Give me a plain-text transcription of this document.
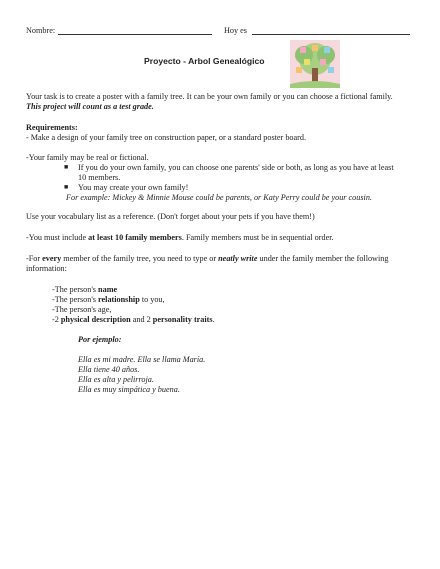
Nombre:	Hoy es
Proyecto - Arbol Genealógico
Your task is to create a poster with a family tree. It can be your own family or you can choose a fictional family.
This project will count as a test grade.
Requirements:
- Make a design of your family tree on construction paper, or a standard poster board.
-Your family may be real or fictional.
■ If you do your own family, you can choose one parents' side or both, as long as you have at least
10 members.
■ You may create your own family!
For example: Mickey & Minnie Mouse could be parents, or Katy Perry could be your cousin.
Use your vocabulary list as a reference. (Don't forget about your pets if you have them!)
-You must include at least 10 family members. Family members must be in sequential order.
-For every member of the family tree, you need to type or neatly write under the family member the following
information:
-The person's name
-The person's relationship to you,
-The person's age,
-2 physical description and 2 personality traits.
Por ejemplo:
Ella es mi madre. Ella se llama María.
Ella tiene 40 años.
Ella es alta y pelirroja.
Ella es muy simpática y buena.
